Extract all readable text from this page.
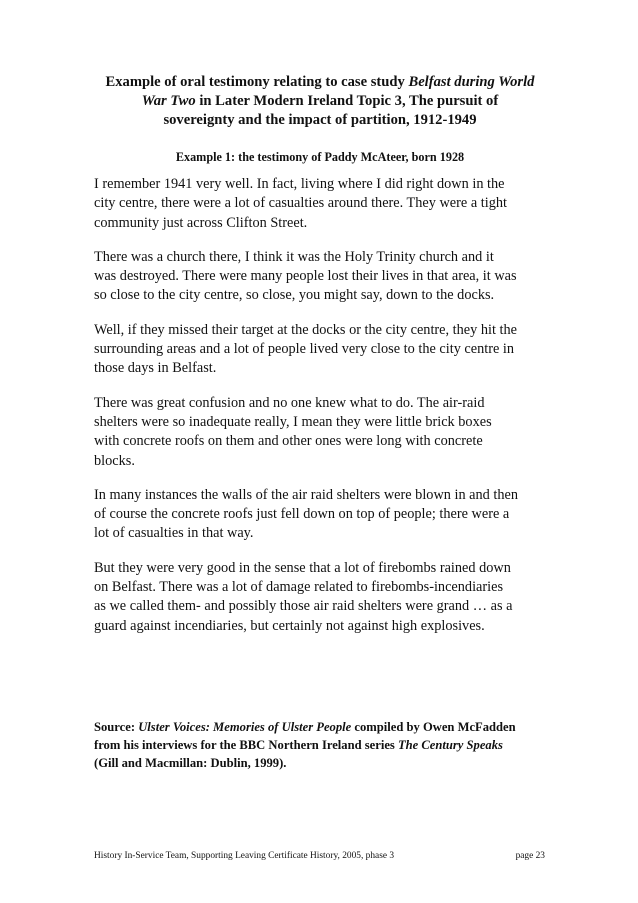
Example of oral testimony relating to case study Belfast during World
War Two in Later Modern Ireland Topic 3, The pursuit of
sovereignty and the impact of partition, 1912-1949
Example 1: the testimony of Paddy McAteer, born 1928

I remember 1941 very well. In fact, living where I did right down in the
city centre, there were a lot of casualties around there. They were a tight
community just across Clifton Street.

There was a church there, I think it was the Holy Trinity church and it
was destroyed. There were many people lost their lives in that area, it was
so close to the city centre, so close, you might say, down to the docks.

Well, if they missed their target at the docks or the city centre, they hit the
surrounding areas and a lot of people lived very close to the city centre in
those days in Belfast.

There was great confusion and no one knew what to do. The air-raid
shelters were so inadequate really, I mean they were little brick boxes
with concrete roofs on them and other ones were long with concrete
blocks.

In many instances the walls of the air raid shelters were blown in and then
of course the concrete roofs just fell down on top of people; there were a
lot of casualties in that way.

But they were very good in the sense that a lot of firebombs rained down
on Belfast. There was a lot of damage related to firebombs-incendiaries
as we called them- and possibly those air raid shelters were grand … as a
guard against incendiaries, but certainly not against high explosives.

Source: Ulster Voices: Memories of Ulster People compiled by Owen McFadden
from his interviews for the BBC Northern Ireland series The Century Speaks
(Gill and Macmillan: Dublin, 1999).
History In-Service Team, Supporting Leaving Certificate History, 2005, phase 3	page 23
